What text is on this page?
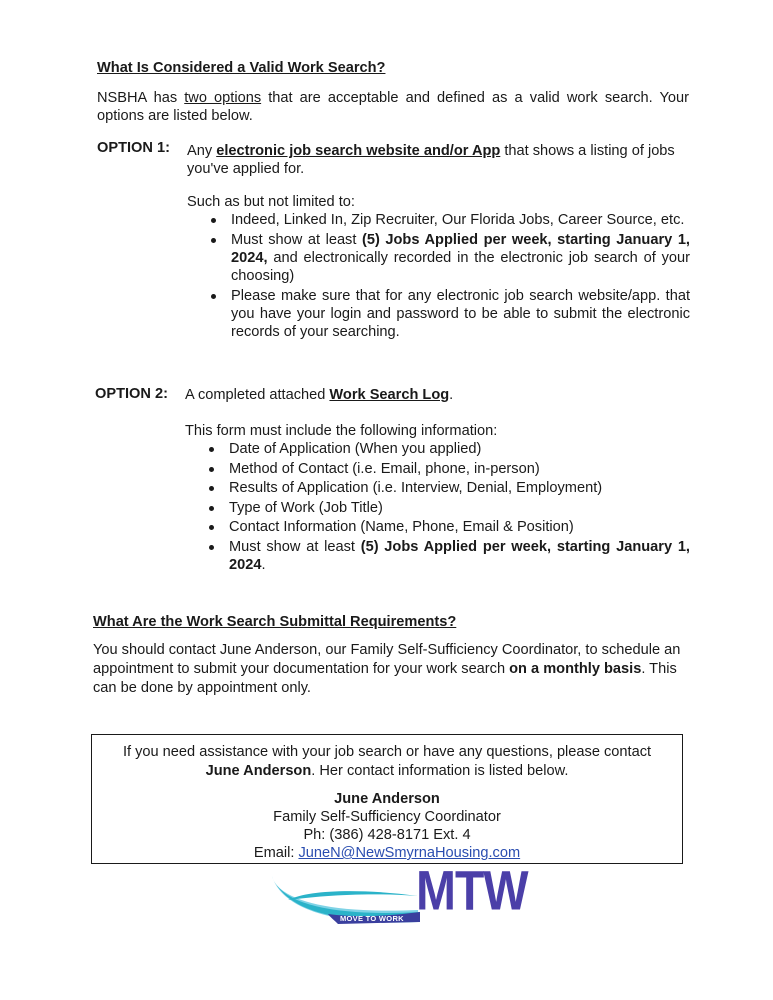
What Is Considered a Valid Work Search?
NSBHA has two options that are acceptable and defined as a valid work search. Your options are listed below.
OPTION 1: Any electronic job search website and/or App that shows a listing of jobs you've applied for.
Such as but not limited to:
Indeed, Linked In, Zip Recruiter, Our Florida Jobs, Career Source, etc.
Must show at least (5) Jobs Applied per week, starting January 1, 2024, and electronically recorded in the electronic job search of your choosing)
Please make sure that for any electronic job search website/app. that you have your login and password to be able to submit the electronic records of your searching.
OPTION 2: A completed attached Work Search Log.
This form must include the following information:
Date of Application (When you applied)
Method of Contact (i.e. Email, phone, in-person)
Results of Application (i.e. Interview, Denial, Employment)
Type of Work (Job Title)
Contact Information (Name, Phone, Email & Position)
Must show at least (5) Jobs Applied per week, starting January 1, 2024.
What Are the Work Search Submittal Requirements?
You should contact June Anderson, our Family Self-Sufficiency Coordinator, to schedule an appointment to submit your documentation for your work search on a monthly basis. This can be done by appointment only.
If you need assistance with your job search or have any questions, please contact
June Anderson. Her contact information is listed below.
June Anderson
Family Self-Sufficiency Coordinator
Ph: (386) 428-8171 Ext. 4
Email: JuneN@NewSmyrnaHousing.com
MOVE TO WORK MTW
